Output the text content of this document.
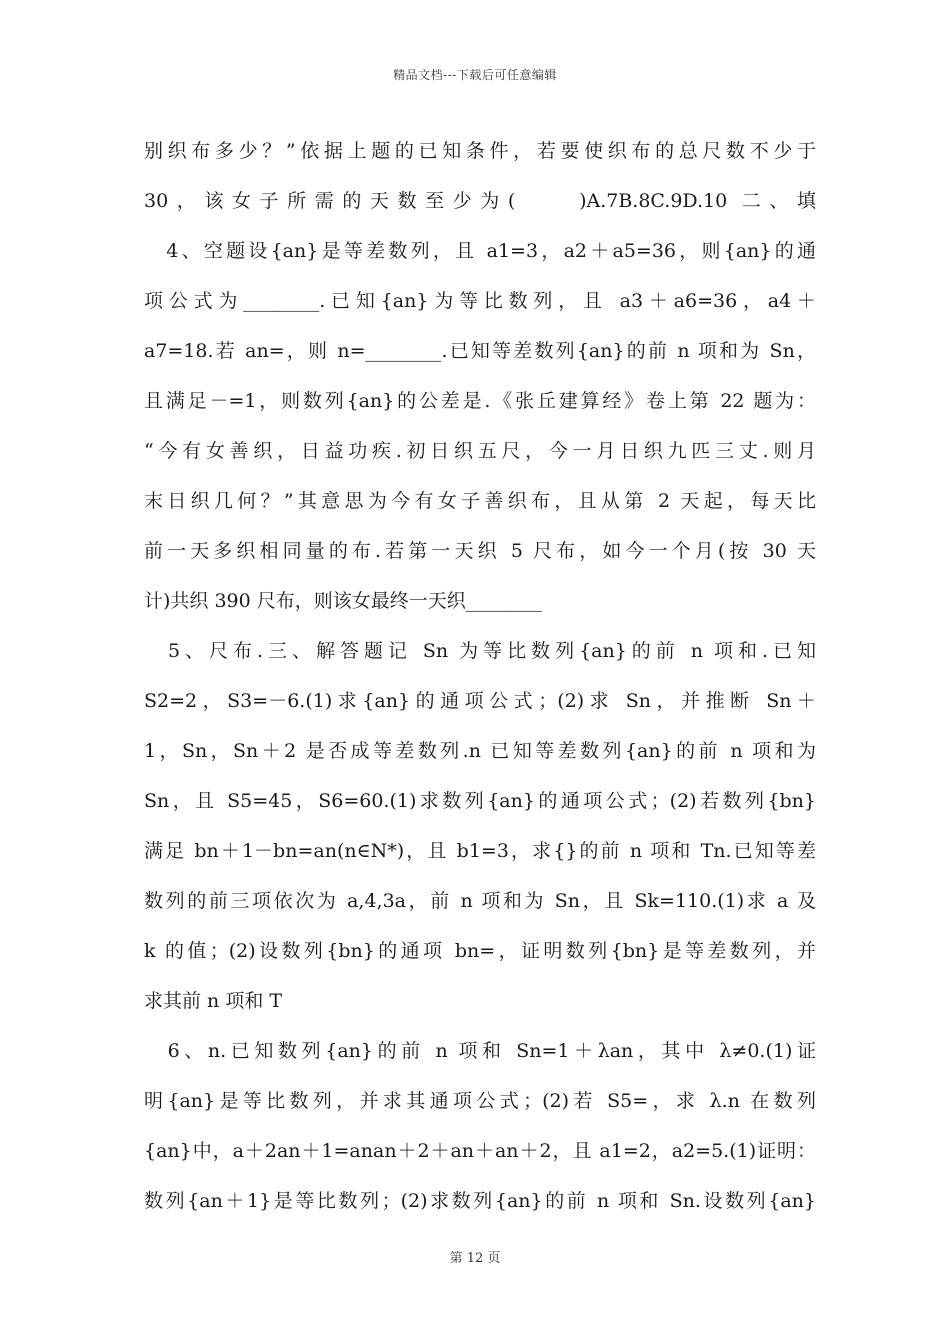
精品文档---下载后可任意编辑
别织布多少？”依据上题的已知条件，若要使织布的总尺数不少于
30，该女子所需的天数至少为(　　)A.7B.8C.9D.10 二、填
　4、空题设{an}是等差数列，且 a1=3，a2＋a5=36，则{an}的通
项公式为________.已知{an}为等比数列，且 a3＋a6=36，a4＋
a7=18.若 an=，则 n=________.已知等差数列{an}的前 n 项和为 Sn，
且满足－=1，则数列{an}的公差是.《张丘建算经》卷上第 22 题为：
“今有女善织，日益功疾.初日织五尺，今一月日织九匹三丈.则月
末日织几何？”其意思为今有女子善织布，且从第 2 天起，每天比
前一天多织相同量的布.若第一天织 5 尺布，如今一个月(按 30 天
计)共织 390 尺布，则该女最终一天织________
　5、尺布.三、解答题记 Sn 为等比数列{an}的前 n 项和.已知
S2=2，S3=－6.(1)求{an}的通项公式；(2)求 Sn，并推断 Sn＋
1，Sn，Sn＋2 是否成等差数列.n 已知等差数列{an}的前 n 项和为
Sn，且 S5=45，S6=60.(1)求数列{an}的通项公式；(2)若数列{bn}
满足 bn＋1－bn=an(n∈N*)，且 b1=3，求{}的前 n 项和 Tn.已知等差
数列的前三项依次为 a,4,3a，前 n 项和为 Sn，且 Sk=110.(1)求 a 及
k 的值；(2)设数列{bn}的通项 bn=，证明数列{bn}是等差数列，并
求其前 n 项和 T
　6、n.已知数列{an}的前 n 项和 Sn=1＋λan，其中 λ≠0.(1)证
明{an}是等比数列，并求其通项公式；(2)若 S5=，求 λ.n 在数列
{an}中，a＋2an＋1=anan＋2＋an＋an＋2，且 a1=2，a2=5.(1)证明：
数列{an＋1}是等比数列；(2)求数列{an}的前 n 项和 Sn.设数列{an}
第 12 页
